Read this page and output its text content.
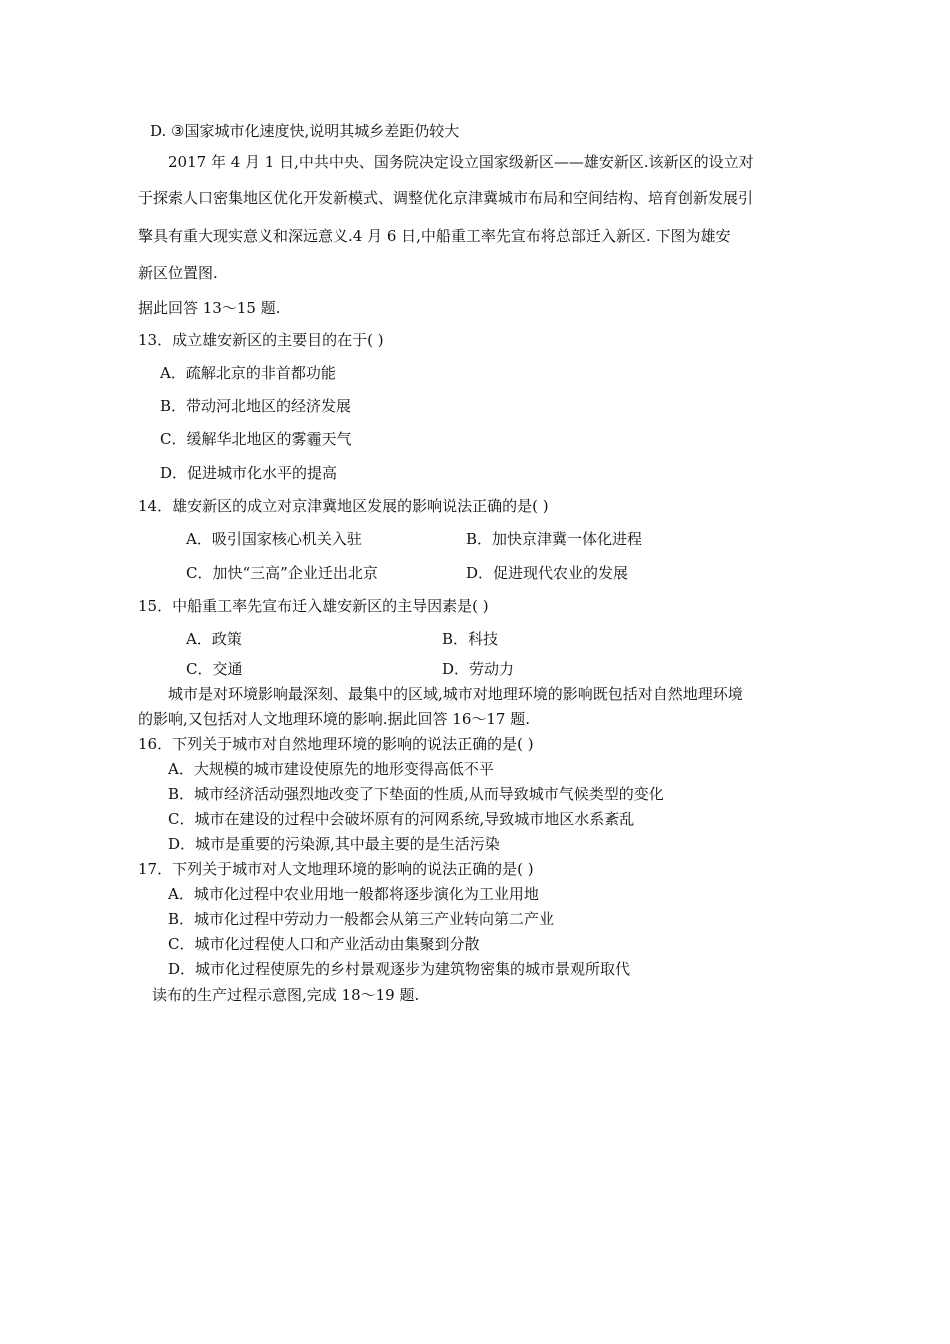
D. ③国家城市化速度快,说明其城乡差距仍较大
2017 年 4 月 1 日,中共中央、国务院决定设立国家级新区——雄安新区.该新区的设立对
于探索人口密集地区优化开发新模式、调整优化京津冀城市布局和空间结构、培育创新发展引
擎具有重大现实意义和深远意义.4 月 6 日,中船重工率先宣布将总部迁入新区. 下图为雄安
新区位置图.
据此回答 13～15 题.
13．成立雄安新区的主要目的在于( )
A．疏解北京的非首都功能
B．带动河北地区的经济发展
C．缓解华北地区的雾霾天气
D．促进城市化水平的提高
14．雄安新区的成立对京津冀地区发展的影响说法正确的是( )
A．吸引国家核心机关入驻	B．加快京津冀一体化进程
C．加快“三高”企业迁出北京	D．促进现代农业的发展
15．中船重工率先宣布迁入雄安新区的主导因素是( )
A．政策	B．科技
C．交通	D．劳动力
城市是对环境影响最深刻、最集中的区域,城市对地理环境的影响既包括对自然地理环境
的影响,又包括对人文地理环境的影响.据此回答 16～17 题.
16．下列关于城市对自然地理环境的影响的说法正确的是( )
A．大规模的城市建设使原先的地形变得高低不平
B．城市经济活动强烈地改变了下垫面的性质,从而导致城市气候类型的变化
C．城市在建设的过程中会破坏原有的河网系统,导致城市地区水系紊乱
D．城市是重要的污染源,其中最主要的是生活污染
17．下列关于城市对人文地理环境的影响的说法正确的是( )
A．城市化过程中农业用地一般都将逐步演化为工业用地
B．城市化过程中劳动力一般都会从第三产业转向第二产业
C．城市化过程使人口和产业活动由集聚到分散
D．城市化过程使原先的乡村景观逐步为建筑物密集的城市景观所取代
读布的生产过程示意图,完成 18～19 题.
